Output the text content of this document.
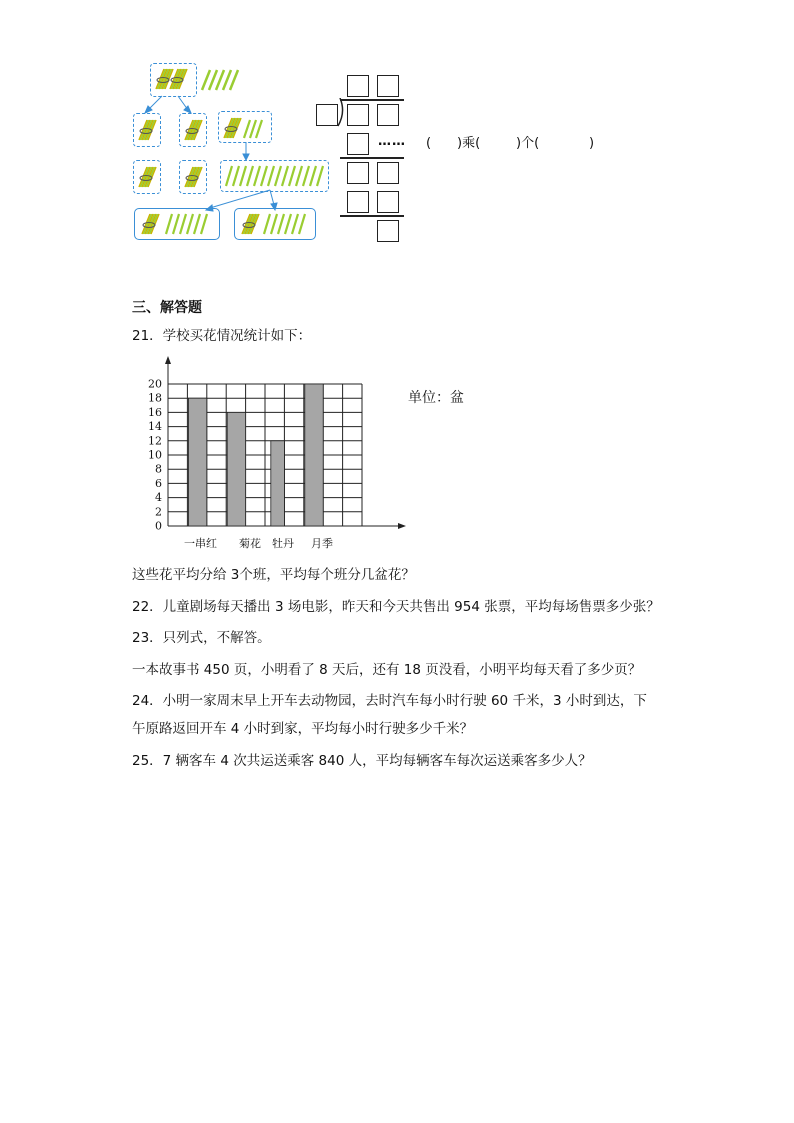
…… ( )乘(	)个(	)
三、解答题
21．学校买花情况统计如下：
20
18
16
14
12
10
8
6
4
2
0
一串红 菊花 牡丹 月季
单位：盆
这些花平均分给 3个班，平均每个班分几盆花？
22．儿童剧场每天播出 3 场电影，昨天和今天共售出 954 张票，平均每场售票多少张？
23．只列式，不解答。
一本故事书 450 页，小明看了 8 天后，还有 18 页没看，小明平均每天看了多少页？
24．小明一家周末早上开车去动物园，去时汽车每小时行驶 60 千米，3 小时到达，下
午原路返回开车 4 小时到家，平均每小时行驶多少千米？
25．7 辆客车 4 次共运送乘客 840 人，平均每辆客车每次运送乘客多少人？
